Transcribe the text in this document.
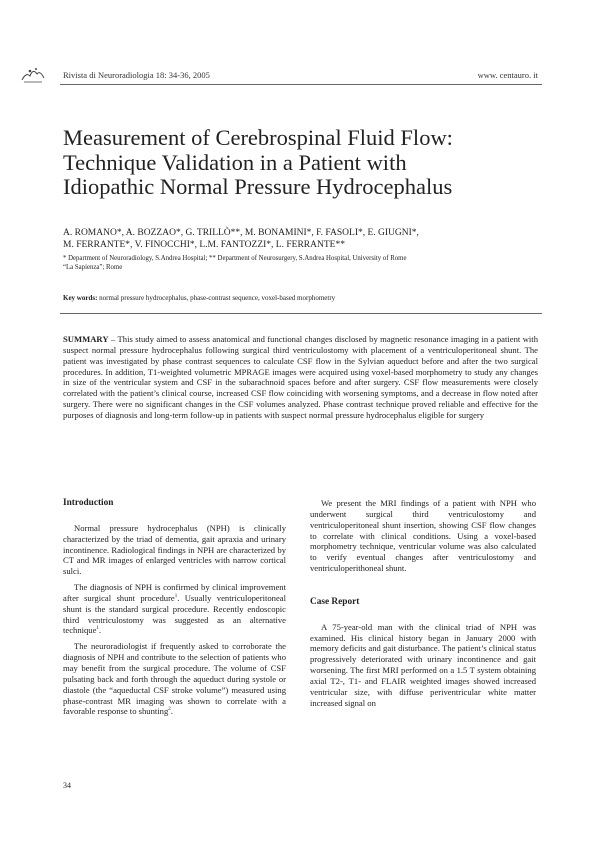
Rivista di Neuroradiologia 18: 34-36, 2005	www. centauro. it
Measurement of Cerebrospinal Fluid Flow:
Technique Validation in a Patient with
Idiopathic Normal Pressure Hydrocephalus
A. ROMANO*, A. BOZZAO*, G. TRILLÒ**, M. BONAMINI*, F. FASOLI*, E. GIUGNI*,
M. FERRANTE*, V. FINOCCHI*, L.M. FANTOZZI*, L. FERRANTE**
* Department of Neuroradiology, S.Andrea Hospital; ** Department of Neurosurgery, S.Andrea Hospital, University of Rome
“La Sapienza”; Rome
Key words: normal pressure hydrocephalus, phase-contrast sequence, voxel-based morphometry
SUMMARY – This study aimed to assess anatomical and functional changes disclosed by magnetic resonance imaging in a patient with suspect normal pressure hydrocephalus following surgical third ventriculostomy with placement of a ventriculoperitoneal shunt. The patient was investigated by phase contrast sequences to calculate CSF flow in the Sylvian aqueduct before and after the two surgical procedures. In addition, T1-weighted volumetric MPRAGE images were acquired using voxel-based morphometry to study any changes in size of the ventricular system and CSF in the subarachnoid spaces before and after surgery. CSF flow measurements were closely correlated with the patient’s clinical course, increased CSF flow coinciding with worsening symptoms, and a decrease in flow noted after surgery. There were no significant changes in the CSF volumes analyzed. Phase contrast technique proved reliable and effective for the purposes of diagnosis and long-term follow-up in patients with suspect normal pressure hydrocephalus eligible for surgery
Introduction

Normal pressure hydrocephalus (NPH) is clinically characterized by the triad of dementia, gait apraxia and urinary incontinence. Radiological findings in NPH are characterized by CT and MR images of enlarged ventricles with narrow cortical sulci.

The diagnosis of NPH is confirmed by clinical improvement after surgical shunt procedure$^1$. Usually ventriculoperitoneal shunt is the standard surgical procedure. Recently endoscopic third ventriculostomy was suggested as an alternative technique$^1$.

The neuroradiologist if frequently asked to corroborate the diagnosis of NPH and contribute to the selection of patients who may benefit from the surgical procedure. The volume of CSF pulsating back and forth through the aqueduct during systole or diastole (the “aqueductal CSF stroke volume”) measured using phase-contrast MR imaging was shown to correlate with a favorable response to shunting$^2$.

We present the MRI findings of a patient with NPH who underwent surgical third ventriculostomy and ventriculoperitoneal shunt insertion, showing CSF flow changes to correlate with clinical conditions. Using a voxel-based morphometry technique, ventricular volume was also calculated to verify eventual changes after ventriculostomy and ventriculoperithoneal shunt.

Case Report

A 75-year-old man with the clinical triad of NPH was examined. His clinical history began in January 2000 with memory deficits and gait disturbance. The patient’s clinical status progressively deteriorated with urinary incontinence and gait worsening. The first MRI performed on a 1.5 T system obtaining axial T2-, T1- and FLAIR weighted images showed increased ventricular size, with diffuse periventricular white matter increased signal on

34
